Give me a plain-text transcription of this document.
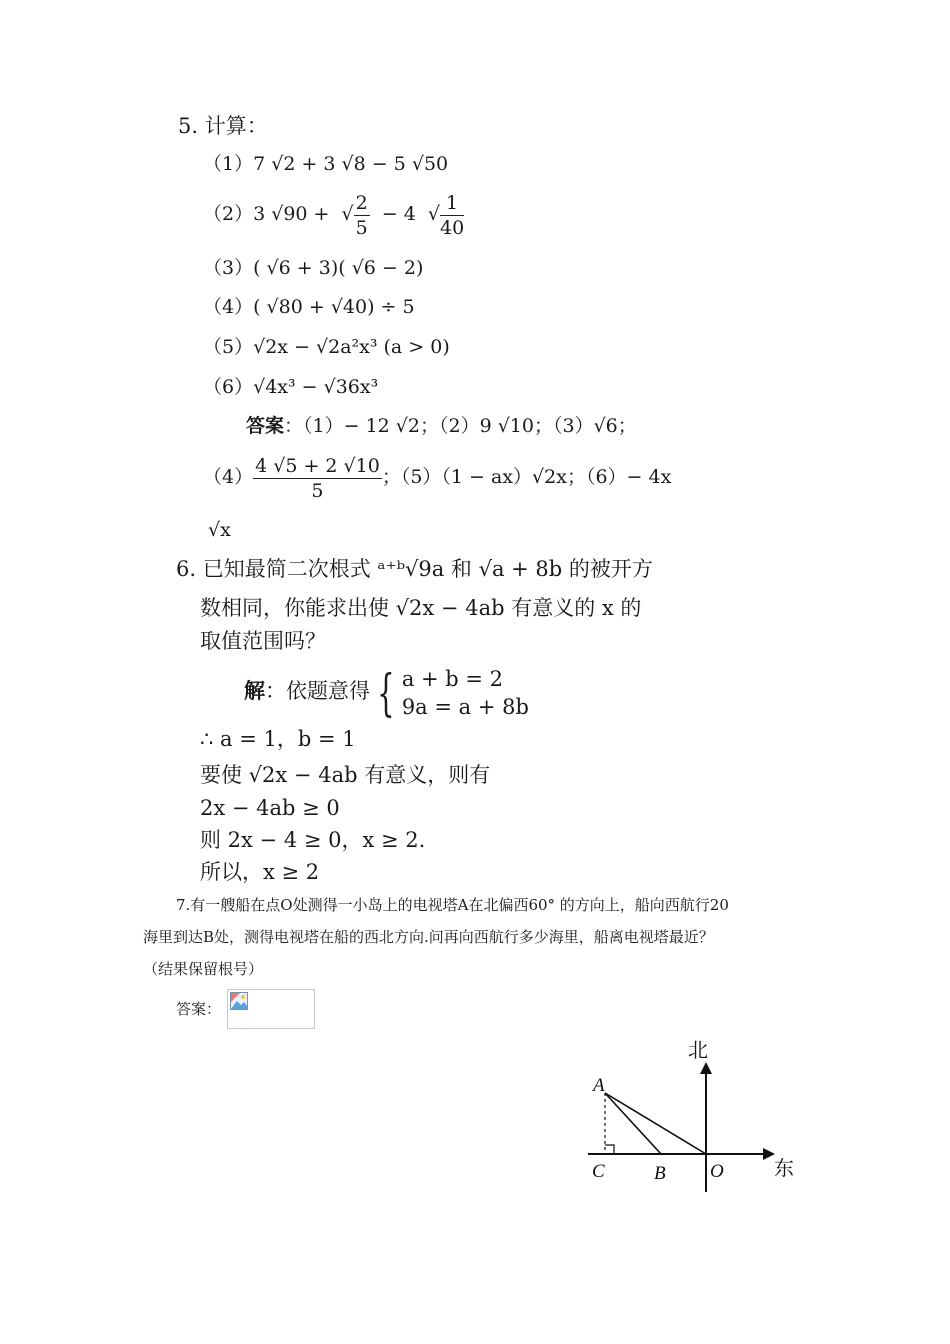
5. 计算：
（1）7 √2 + 3 √8 − 5 √50
（2）3 √90 + √ $\frac{2}{5} - 4$ √ $\frac{1}{40}$
（3）( √6 + 3)( √6 − 2)
（4）( √80 + √40) ÷ 5
（5）√2x − √2a²x³ (a > 0)
（6）√4x³ − √36x³
答案：（1）− 12 √2；（2）9 √10；（3）√6；
$(4) \frac{4 √5 + 2 √10}{5}$ ；（5）（1 − ax）√2x；（6）− 4x
√x
6. 已知最简二次根式 ᵃ⁺ᵇ√9a 和 √a + 8b 的被开方
数相同，你能求出使 √2x − 4ab 有意义的 x 的
取值范围吗？
解：依题意得 { a + b = 2
9a = a + 8b
∴ a = 1，b = 1
要使 √2x − 4ab 有意义，则有
2x − 4ab ≥ 0
则 2x − 4 ≥ 0，x ≥ 2.
所以，x ≥ 2
7.有一艘船在点O处测得一小岛上的电视塔A在北偏西60° 的方向上，船向西航行20
海里到达B处，测得电视塔在船的西北方向.问再向西航行多少海里，船离电视塔最近？
（结果保留根号）
答案：
北
东
A
C	B O
